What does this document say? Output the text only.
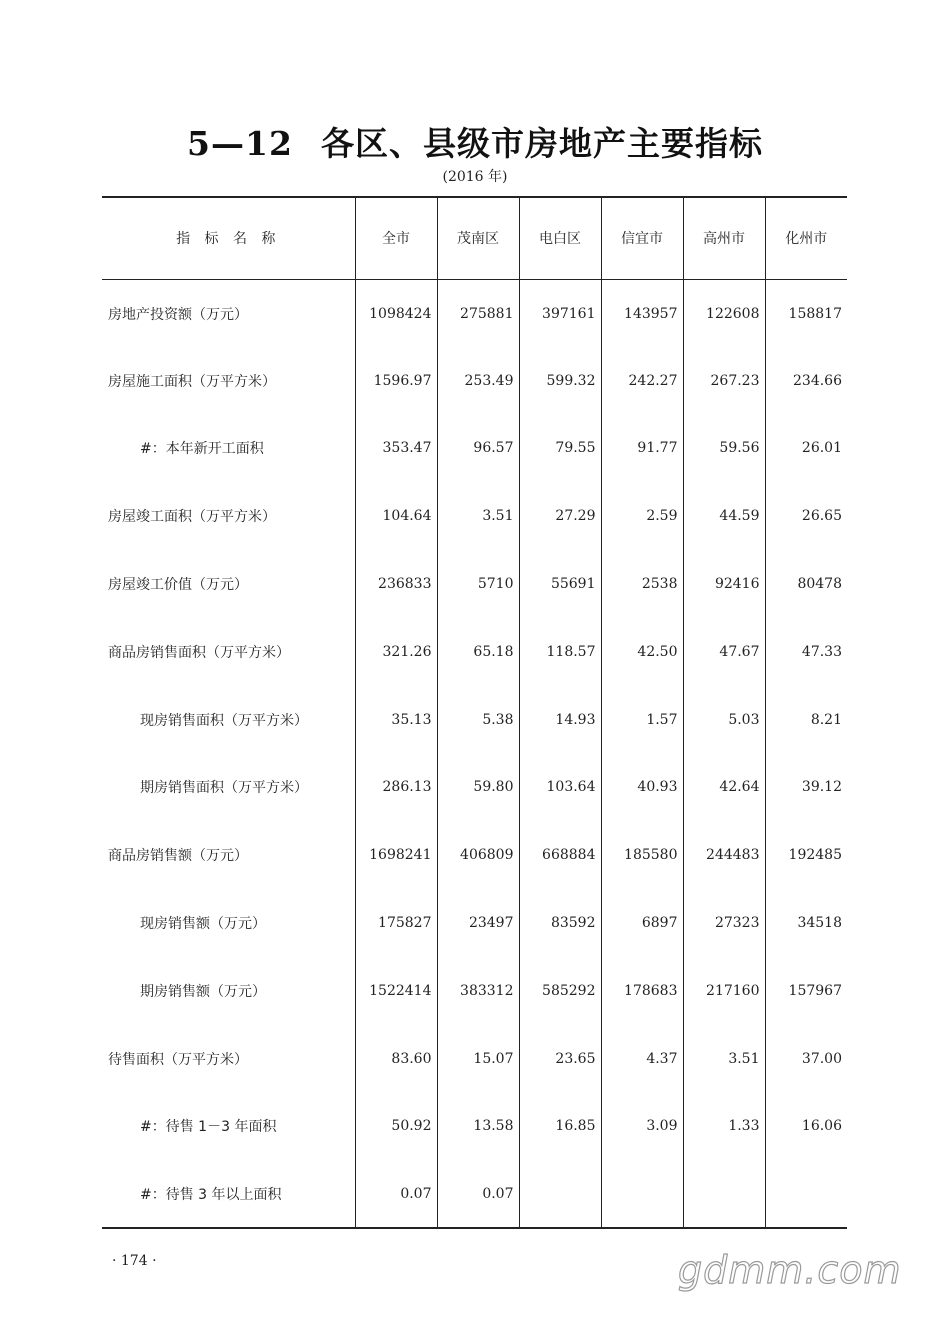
5—12 各区、县级市房地产主要指标
(2016 年)
指 标 名 称	全市	茂南区	电白区	信宜市	高州市	化州市
房地产投资额（万元）	1098424	275881	397161	143957	122608	158817
房屋施工面积（万平方米）	1596.97	253.49	599.32	242.27	267.23	234.66
#：本年新开工面积	353.47	96.57	79.55	91.77	59.56	26.01
房屋竣工面积（万平方米）	104.64	3.51	27.29	2.59	44.59	26.65
房屋竣工价值（万元）	236833	5710	55691	2538	92416	80478
商品房销售面积（万平方米）	321.26	65.18	118.57	42.50	47.67	47.33
现房销售面积（万平方米）	35.13	5.38	14.93	1.57	5.03	8.21
期房销售面积（万平方米）	286.13	59.80	103.64	40.93	42.64	39.12
商品房销售额（万元）	1698241	406809	668884	185580	244483	192485
现房销售额（万元）	175827	23497	83592	6897	27323	34518
期房销售额（万元）	1522414	383312	585292	178683	217160	157967
待售面积（万平方米）	83.60	15.07	23.65	4.37	3.51	37.00
#：待售 1－3 年面积	50.92	13.58	16.85	3.09	1.33	16.06
#：待售 3 年以上面积	0.07	0.07				
· 174 ·	gdmm.com
